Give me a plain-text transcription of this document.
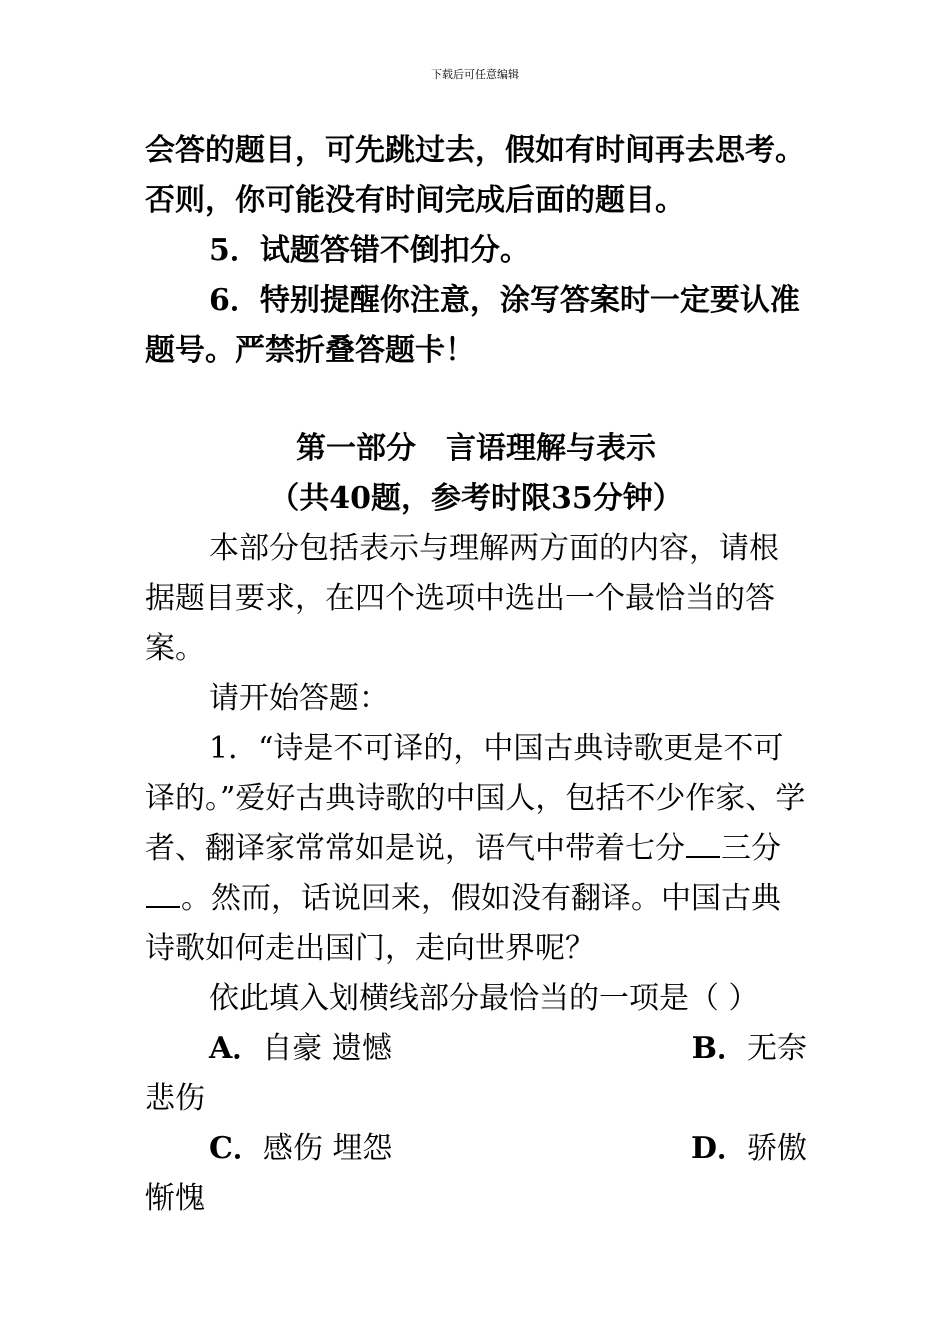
下载后可任意编辑

会答的题目，可先跳过去，假如有时间再去思考。否则，你可能没有时间完成后面的题目。

5．试题答错不倒扣分。

6．特别提醒你注意，涂写答案时一定要认准题号。严禁折叠答题卡！

第一部分　言语理解与表示

（共40题，参考时限35分钟）

本部分包括表示与理解两方面的内容，请根据题目要求，在四个选项中选出一个最恰当的答案。

请开始答题：

1．“诗是不可译的，中国古典诗歌更是不可译的。”爱好古典诗歌的中国人，包括不少作家、学者、翻译家常常如是说，语气中带着七分 三分。然而，话说回来，假如没有翻译。中国古典诗歌如何走出国门，走向世界呢？

依此填入划横线部分最恰当的一项是（ ）

A．自豪 遗憾	B．无奈

悲伤

C．感伤 埋怨	D．骄傲

惭愧
